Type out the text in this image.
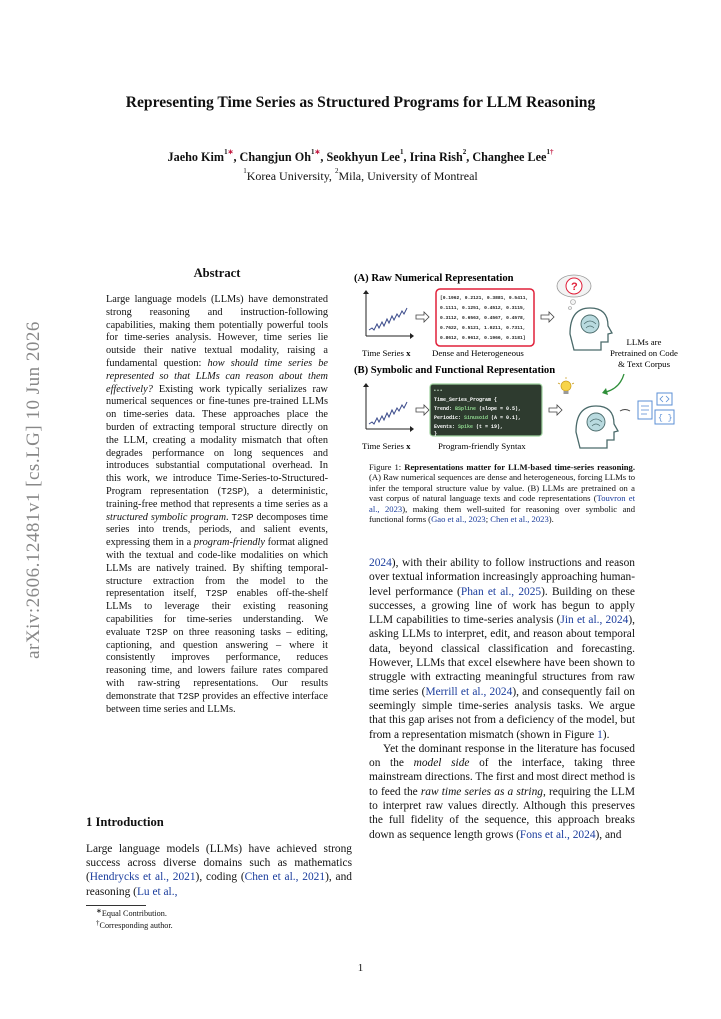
arXiv:2606.12481v1 [cs.LG] 10 Jun 2026
Representing Time Series as Structured Programs for LLM Reasoning
Jaeho Kim$^{1∗}$, Changjun $Oh^{1∗}$, Seokhyun Lee$^1$, Irina Rish$^2$, Changhee Lee$^{1\dagger}$
$^1$Korea University, $^2$Mila, University of Montreal
Abstract
Large language models (LLMs) have demonstrated strong reasoning and instruction-following capabilities, making them potentially powerful tools for time-series analysis. However, time series lie outside their native textual modality, raising a fundamental question: how should time series be represented so that LLMs can reason about them effectively? Existing work typically serializes raw numerical sequences or fine-tunes pre-trained LLMs on time-series data. These approaches place the burden of extracting temporal structure directly on the LLM, creating a modality mismatch that often degrades performance on long sequences and introduces substantial computational overhead. In this work, we introduce Time-Series-to-Structured-Program representation (T2SP), a deterministic, training-free method that represents a time series as a structured symbolic program. T2SP decomposes time series into trends, periods, and salient events, expressing them in a program-friendly format aligned with the textual and code-like modalities on which LLMs are natively trained. By shifting temporal-structure extraction from the model to the representation itself, T2SP enables off-the-shelf LLMs to leverage their existing reasoning capabilities for time-series understanding. We evaluate T2SP on three reasoning tasks – editing, captioning, and question answering – where it consistently improves performance, reduces reasoning time, and lowers failure rates compared with raw-string representations. Our results demonstrate that T2SP provides an effective interface between time series and LLMs.
1 Introduction
Large language models (LLMs) have achieved strong success across diverse domains such as mathematics (Hendrycks et al., 2021), coding (Chen et al., 2021), and reasoning (Lu et al.,
∗Equal Contribution.
†Corresponding author.
(A) Raw Numerical Representation
Time Series x
[0.1962, 0.2121, 0.3881, 0.5411,
0.1111, 0.1251, 0.4512, 0.3115,
0.3112, 0.6563, 0.4567, 0.4578,
0.7622, 0.5121, 1.0211, 0.7311,
0.8612, 0.9612, 0.1966, 0.3181]
Dense and Heterogeneous
?
LLMs are
Pretrained on Code
& Text Corpus
(B) Symbolic and Functional Representation
Time Series x
• • •
Time_Series_Program {
Trend: BSpline (slope = 0.5),
Periodic: Sinusoid (A = 0.1),
Events: Spike (t = 19),
}
Program-friendly Syntax
{ }
Figure 1: Representations matter for LLM-based time-series reasoning. (A) Raw numerical sequences are dense and heterogeneous, forcing LLMs to infer the temporal structure value by value. (B) LLMs are pretrained on a vast corpus of natural language texts and code representations (Touvron et al., 2023), making them well-suited for reasoning over symbolic and functional forms (Gao et al., 2023; Chen et al., 2023).
2024), with their ability to follow instructions and reason over textual information increasingly approaching human-level performance (Phan et al., 2025). Building on these successes, a growing line of work has begun to apply LLM capabilities to time-series analysis (Jin et al., 2024), asking LLMs to interpret, edit, and reason about temporal data, beyond classical classification and forecasting. However, LLMs that excel elsewhere have been shown to struggle with extracting meaningful structures from raw time series (Merrill et al., 2024), and consequently fail on seemingly simple time-series analysis tasks. We argue that this gap arises not from a deficiency of the model, but from a representation mismatch (shown in Figure 1).
Yet the dominant response in the literature has focused on the model side of the interface, taking three mainstream directions. The first and most direct method is to feed the raw time series as a string, requiring the LLM to interpret raw values directly. Although this preserves the full fidelity of the sequence, this approach breaks down as sequence length grows (Fons et al., 2024), and
1
